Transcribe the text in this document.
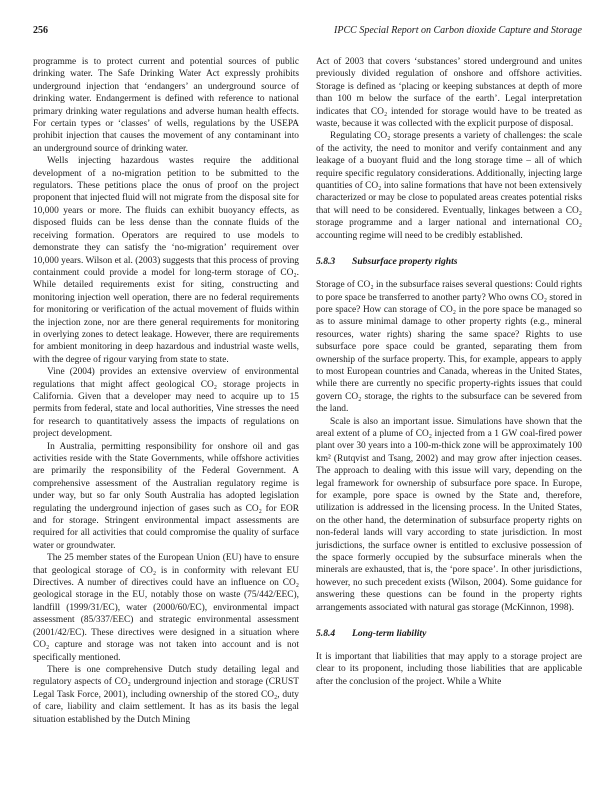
256	IPCC Special Report on Carbon dioxide Capture and Storage

programme is to protect current and potential sources of public drinking water. The Safe Drinking Water Act expressly prohibits underground injection that ‘endangers’ an underground source of drinking water. Endangerment is defined with reference to national primary drinking water regulations and adverse human health effects. For certain types or ‘classes’ of wells, regulations by the USEPA prohibit injection that causes the movement of any contaminant into an underground source of drinking water.

Wells injecting hazardous wastes require the additional development of a no-migration petition to be submitted to the regulators. These petitions place the onus of proof on the project proponent that injected fluid will not migrate from the disposal site for 10,000 years or more. The fluids can exhibit buoyancy effects, as disposed fluids can be less dense than the connate fluids of the receiving formation. Operators are required to use models to demonstrate they can satisfy the ‘no-migration’ requirement over 10,000 years. Wilson et al. (2003) suggests that this process of proving containment could provide a model for long-term storage of CO₂. While detailed requirements exist for siting, constructing and monitoring injection well operation, there are no federal requirements for monitoring or verification of the actual movement of fluids within the injection zone, nor are there general requirements for monitoring in overlying zones to detect leakage. However, there are requirements for ambient monitoring in deep hazardous and industrial waste wells, with the degree of rigour varying from state to state.

Vine (2004) provides an extensive overview of environmental regulations that might affect geological CO₂ storage projects in California. Given that a developer may need to acquire up to 15 permits from federal, state and local authorities, Vine stresses the need for research to quantitatively assess the impacts of regulations on project development.

In Australia, permitting responsibility for onshore oil and gas activities reside with the State Governments, while offshore activities are primarily the responsibility of the Federal Government. A comprehensive assessment of the Australian regulatory regime is under way, but so far only South Australia has adopted legislation regulating the underground injection of gases such as CO₂ for EOR and for storage. Stringent environmental impact assessments are required for all activities that could compromise the quality of surface water or groundwater.

The 25 member states of the European Union (EU) have to ensure that geological storage of CO₂ is in conformity with relevant EU Directives. A number of directives could have an influence on CO₂ geological storage in the EU, notably those on waste (75/442/EEC), landfill (1999/31/EC), water (2000/60/EC), environmental impact assessment (85/337/EEC) and strategic environmental assessment (2001/42/EC). These directives were designed in a situation where CO₂ capture and storage was not taken into account and is not specifically mentioned.

There is one comprehensive Dutch study detailing legal and regulatory aspects of CO₂ underground injection and storage (CRUST Legal Task Force, 2001), including ownership of the stored CO₂, duty of care, liability and claim settlement. It has as its basis the legal situation established by the Dutch Mining

Act of 2003 that covers ‘substances’ stored underground and unites previously divided regulation of onshore and offshore activities. Storage is defined as ‘placing or keeping substances at depth of more than 100 m below the surface of the earth’. Legal interpretation indicates that CO₂ intended for storage would have to be treated as waste, because it was collected with the explicit purpose of disposal.

Regulating CO₂ storage presents a variety of challenges: the scale of the activity, the need to monitor and verify containment and any leakage of a buoyant fluid and the long storage time – all of which require specific regulatory considerations. Additionally, injecting large quantities of CO₂ into saline formations that have not been extensively characterized or may be close to populated areas creates potential risks that will need to be considered. Eventually, linkages between a CO₂ storage programme and a larger national and international CO₂ accounting regime will need to be credibly established.

5.8.3	Subsurface property rights

Storage of CO₂ in the subsurface raises several questions: Could rights to pore space be transferred to another party? Who owns CO₂ stored in pore space? How can storage of CO₂ in the pore space be managed so as to assure minimal damage to other property rights (e.g., mineral resources, water rights) sharing the same space? Rights to use subsurface pore space could be granted, separating them from ownership of the surface property. This, for example, appears to apply to most European countries and Canada, whereas in the United States, while there are currently no specific property-rights issues that could govern CO₂ storage, the rights to the subsurface can be severed from the land.

Scale is also an important issue. Simulations have shown that the areal extent of a plume of CO₂ injected from a 1 GW coal-fired power plant over 30 years into a 100-m-thick zone will be approximately 100 km² (Rutqvist and Tsang, 2002) and may grow after injection ceases. The approach to dealing with this issue will vary, depending on the legal framework for ownership of subsurface pore space. In Europe, for example, pore space is owned by the State and, therefore, utilization is addressed in the licensing process. In the United States, on the other hand, the determination of subsurface property rights on non-federal lands will vary according to state jurisdiction. In most jurisdictions, the surface owner is entitled to exclusive possession of the space formerly occupied by the subsurface minerals when the minerals are exhausted, that is, the ‘pore space’. In other jurisdictions, however, no such precedent exists (Wilson, 2004). Some guidance for answering these questions can be found in the property rights arrangements associated with natural gas storage (McKinnon, 1998).

5.8.4	Long-term liability

It is important that liabilities that may apply to a storage project are clear to its proponent, including those liabilities that are applicable after the conclusion of the project. While a White
